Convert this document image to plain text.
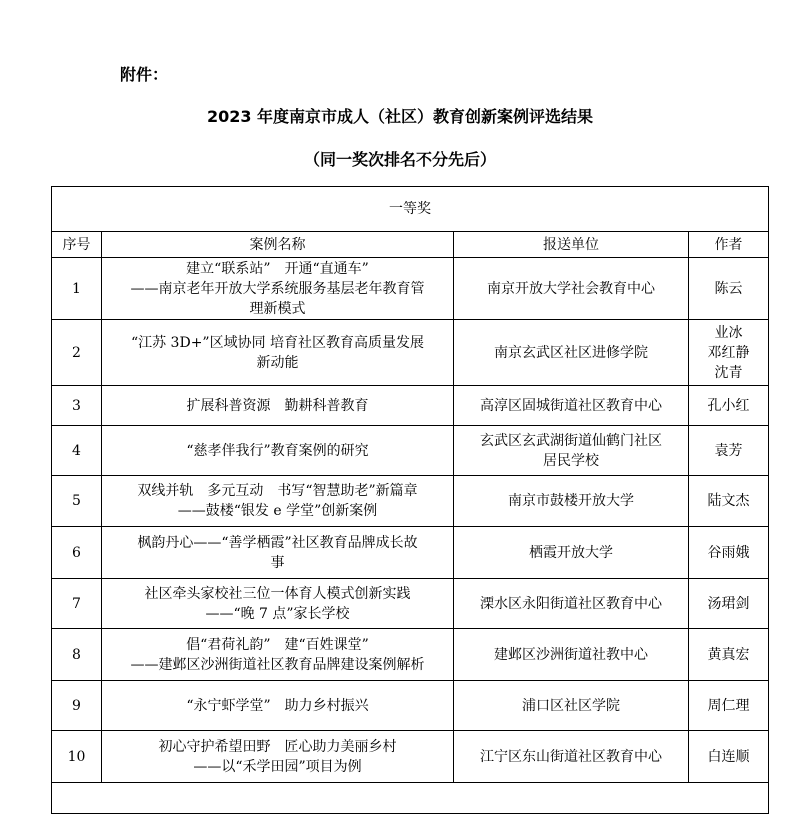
附件：
2023 年度南京市成人（社区）教育创新案例评选结果
（同一奖次排名不分先后）
一等奖			
序号	案例名称	报送单位	作者
1	建立“联系站”　开通“直通车”
——南京老年开放大学系统服务基层老年教育管
理新模式	南京开放大学社会教育中心	陈云

2	“江苏 3D+”区域协同 培育社区教育高质量发展
新动能	南京玄武区社区进修学院	业冰
邓红静
沈青

3	扩展科普资源　勤耕科普教育	高淳区固城街道社区教育中心	孔小红

4	“慈孝伴我行”教育案例的研究	玄武区玄武湖街道仙鹤门社区
居民学校	袁芳

5	双线并轨　多元互动　书写“智慧助老”新篇章
——鼓楼“银发 e 学堂”创新案例	南京市鼓楼开放大学	陆文杰

6	枫韵丹心——“善学栖霞”社区教育品牌成长故
事	栖霞开放大学	谷雨娥

7	社区牵头家校社三位一体育人模式创新实践
——“晚 7 点”家长学校	溧水区永阳街道社区教育中心	汤珺剑

8	倡“君荷礼韵”　建“百姓课堂”
——建邺区沙洲街道社区教育品牌建设案例解析	建邺区沙洲街道社教中心	黄真宏

9	“永宁虾学堂”　助力乡村振兴	浦口区社区学院	周仁理

10	初心守护希望田野　匠心助力美丽乡村
——以“禾学田园”项目为例	江宁区东山街道社区教育中心	白连顺
